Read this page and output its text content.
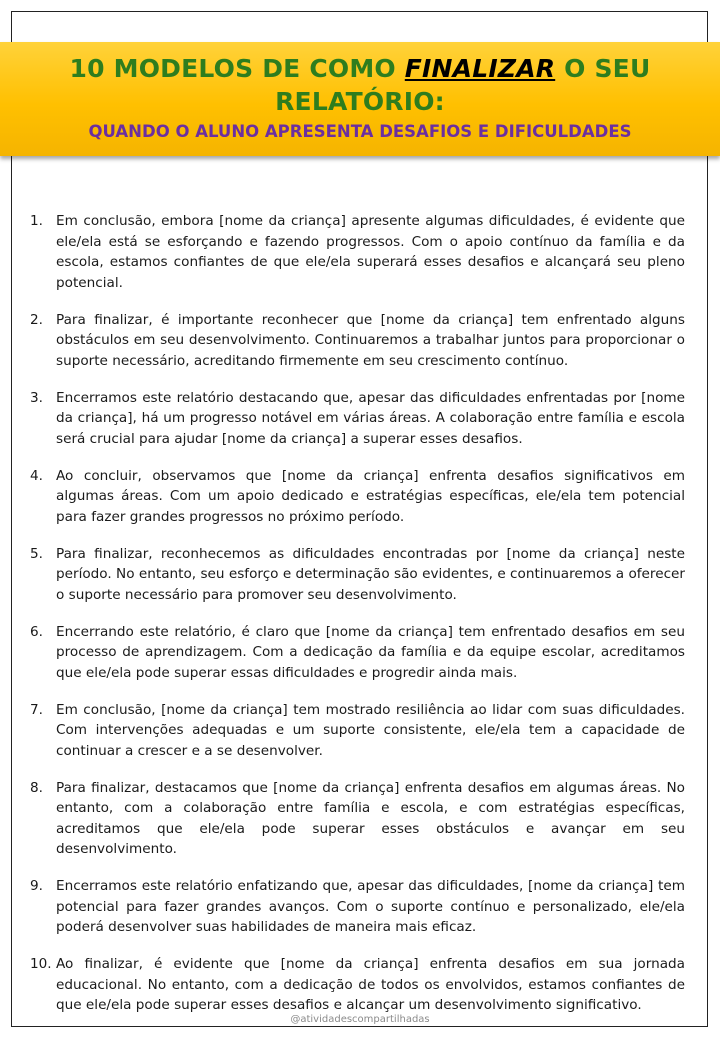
10 MODELOS DE COMO FINALIZAR O SEU
RELATÓRIO:
QUANDO O ALUNO APRESENTA DESAFIOS E DIFICULDADES
1. Em conclusão, embora [nome da criança] apresente algumas dificuldades, é evidente que ele/ela está se esforçando e fazendo progressos. Com o apoio contínuo da família e da escola, estamos confiantes de que ele/ela superará esses desafios e alcançará seu pleno potencial.
2. Para finalizar, é importante reconhecer que [nome da criança] tem enfrentado alguns obstáculos em seu desenvolvimento. Continuaremos a trabalhar juntos para proporcionar o suporte necessário, acreditando firmemente em seu crescimento contínuo.
3. Encerramos este relatório destacando que, apesar das dificuldades enfrentadas por [nome da criança], há um progresso notável em várias áreas. A colaboração entre família e escola será crucial para ajudar [nome da criança] a superar esses desafios.
4. Ao concluir, observamos que [nome da criança] enfrenta desafios significativos em algumas áreas. Com um apoio dedicado e estratégias específicas, ele/ela tem potencial para fazer grandes progressos no próximo período.
5. Para finalizar, reconhecemos as dificuldades encontradas por [nome da criança] neste período. No entanto, seu esforço e determinação são evidentes, e continuaremos a oferecer o suporte necessário para promover seu desenvolvimento.
6. Encerrando este relatório, é claro que [nome da criança] tem enfrentado desafios em seu processo de aprendizagem. Com a dedicação da família e da equipe escolar, acreditamos que ele/ela pode superar essas dificuldades e progredir ainda mais.
7. Em conclusão, [nome da criança] tem mostrado resiliência ao lidar com suas dificuldades. Com intervenções adequadas e um suporte consistente, ele/ela tem a capacidade de continuar a crescer e a se desenvolver.
8. Para finalizar, destacamos que [nome da criança] enfrenta desafios em algumas áreas. No entanto, com a colaboração entre família e escola, e com estratégias específicas, acreditamos que ele/ela pode superar esses obstáculos e avançar em seu desenvolvimento.
9. Encerramos este relatório enfatizando que, apesar das dificuldades, [nome da criança] tem potencial para fazer grandes avanços. Com o suporte contínuo e personalizado, ele/ela poderá desenvolver suas habilidades de maneira mais eficaz.
10. Ao finalizar, é evidente que [nome da criança] enfrenta desafios em sua jornada educacional. No entanto, com a dedicação de todos os envolvidos, estamos confiantes de que ele/ela pode superar esses desafios e alcançar um desenvolvimento significativo.
@atividadescompartilhadas
